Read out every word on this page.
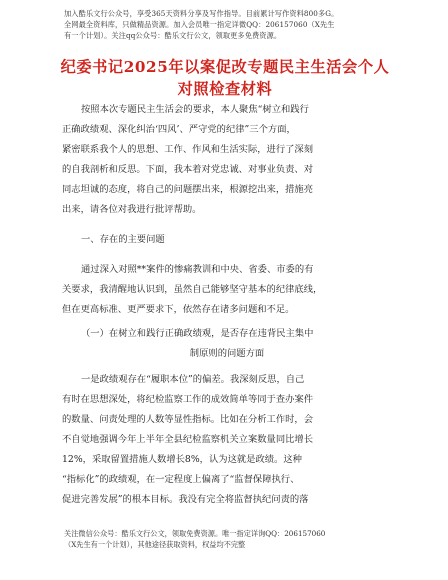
加入酷乐文行公众号，享受365天资料分享及写作指导。目前累计写作资料800多G。
全网最全资料库，只做精品资源。加入会员唯一指定详微QQ：206157060（X先生
有一个计划）。关注qq公众号：酷乐文行公文，领取更多免费资源。
纪委书记2025年以案促改专题民主生活会个人
对照检查材料
按照本次专题民主生活会的要求，本人聚焦“树立和践行
正确政绩观、深化纠治‘四风’、严守党的纪律”三个方面，
紧密联系我个人的思想、工作、作风和生活实际，进行了深刻
的自我剖析和反思。下面，我本着对党忠诚、对事业负责、对
同志坦诚的态度，将自己的问题摆出来，根源挖出来，措施亮
出来，请各位对我进行批评帮助。
一、存在的主要问题
通过深入对照**案件的惨痛教训和中央、省委、市委的有
关要求，我清醒地认识到，虽然自己能够坚守基本的纪律底线，
但在更高标准、更严要求下，依然存在诸多问题和不足。
（一）在树立和践行正确政绩观，是否存在违背民主集中
制原则的问题方面
一是政绩观存在“履职本位”的偏差。我深刻反思，自己
有时在思想深处，将纪检监察工作的成效简单等同于查办案件
的数量、问责处理的人数等显性指标。比如在分析工作时，会
不自觉地强调今年上半年全县纪检监察机关立案数量同比增长
12%，采取留置措施人数增长8%，认为这就是政绩。这种
“指标化”的政绩观，在一定程度上偏离了“监督保障执行、
促进完善发展”的根本目标。我没有完全将监督执纪问责的落
关注微信公众号：酷乐文行公文，领取免费资源。唯一指定详询QQ：206157060
（X先生有一个计划），其他途径获取资料，权益均不完整
